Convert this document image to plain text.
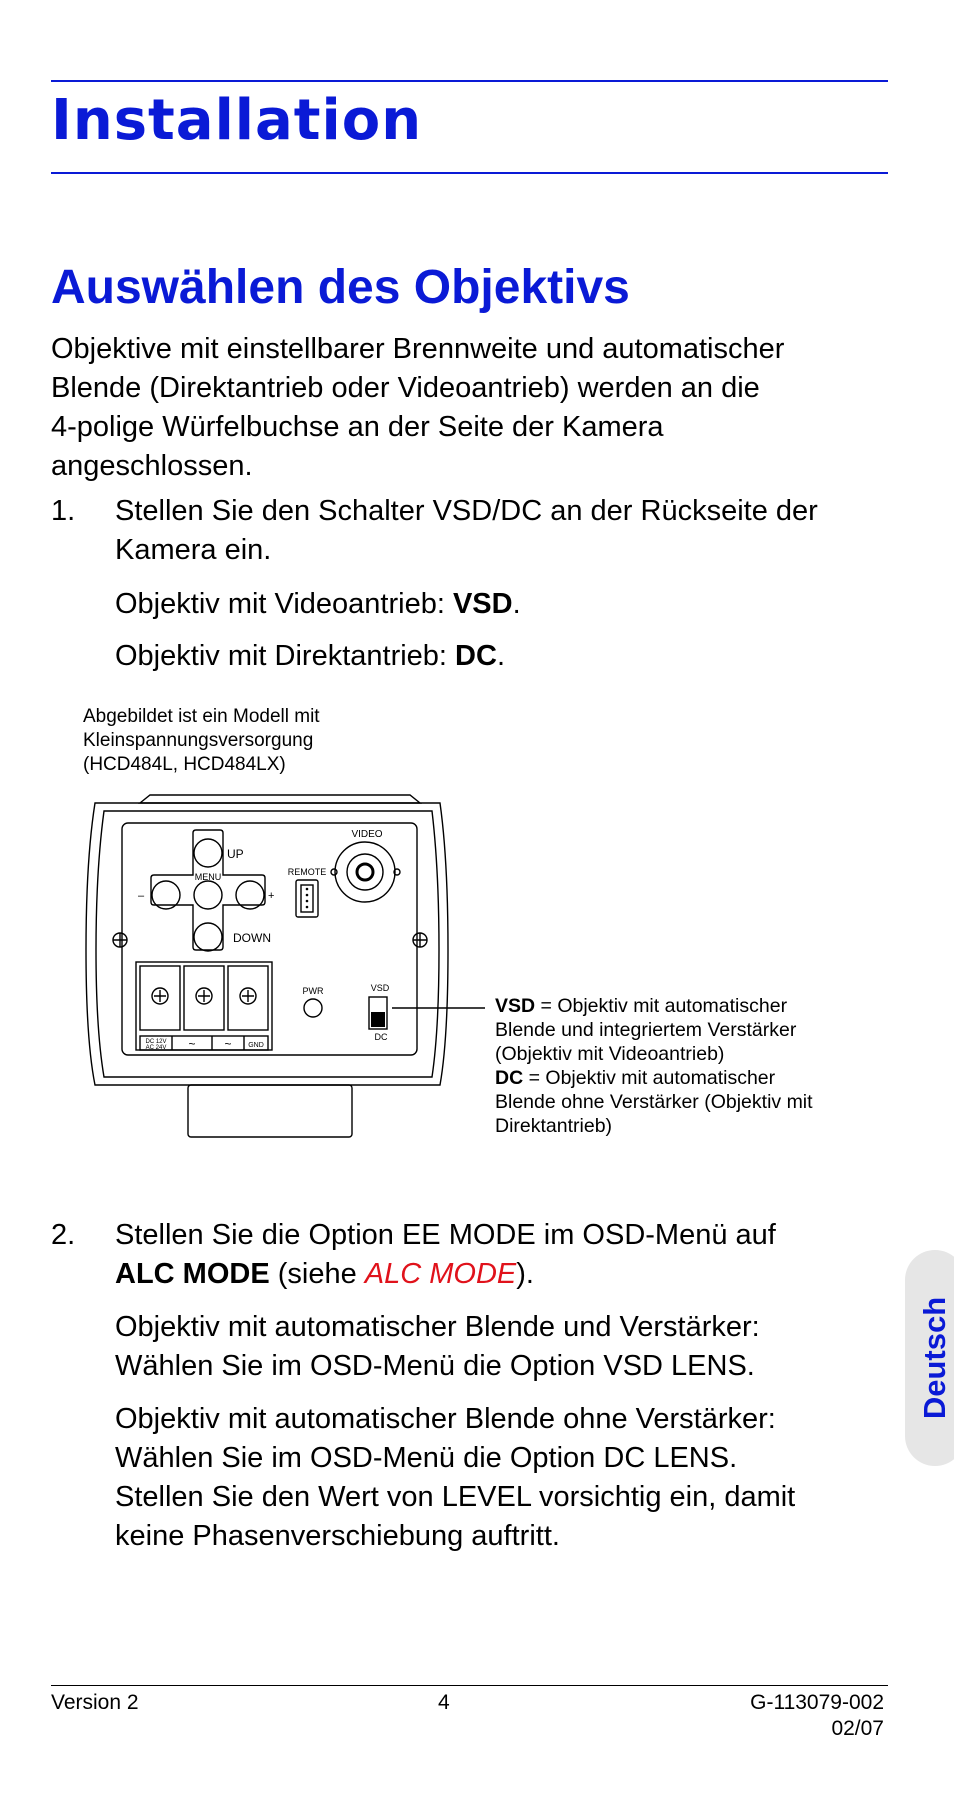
Installation
Auswählen des Objektivs
Objektive mit einstellbarer Brennweite und automatischer
Blende (Direktantrieb oder Videoantrieb) werden an die
4-polige Würfelbuchse an der Seite der Kamera
angeschlossen.
1. Stellen Sie den Schalter VSD/DC an der Rückseite der
Kamera ein.
Objektiv mit Videoantrieb: VSD.
Objektiv mit Direktantrieb: DC.
Abgebildet ist ein Modell mit
Kleinspannungsversorgung
(HCD484L, HCD484LX)
UP
DOWN
MENU
–	+
VIDEO
REMOTE
PWR	VSD
DC
DC 12V
AC 24V ~ ~ GND
VSD = Objektiv mit automatischer
Blende und integriertem Verstärker
(Objektiv mit Videoantrieb)
DC = Objektiv mit automatischer
Blende ohne Verstärker (Objektiv mit
Direktantrieb)
2. Stellen Sie die Option EE MODE im OSD-Menü auf
ALC MODE (siehe ALC MODE).
Objektiv mit automatischer Blende und Verstärker:
Wählen Sie im OSD-Menü die Option VSD LENS.
Objektiv mit automatischer Blende ohne Verstärker:
Wählen Sie im OSD-Menü die Option DC LENS.
Stellen Sie den Wert von LEVEL vorsichtig ein, damit
keine Phasenverschiebung auftritt.
Deutsch
Version 2	4	G-113079-002
02/07
